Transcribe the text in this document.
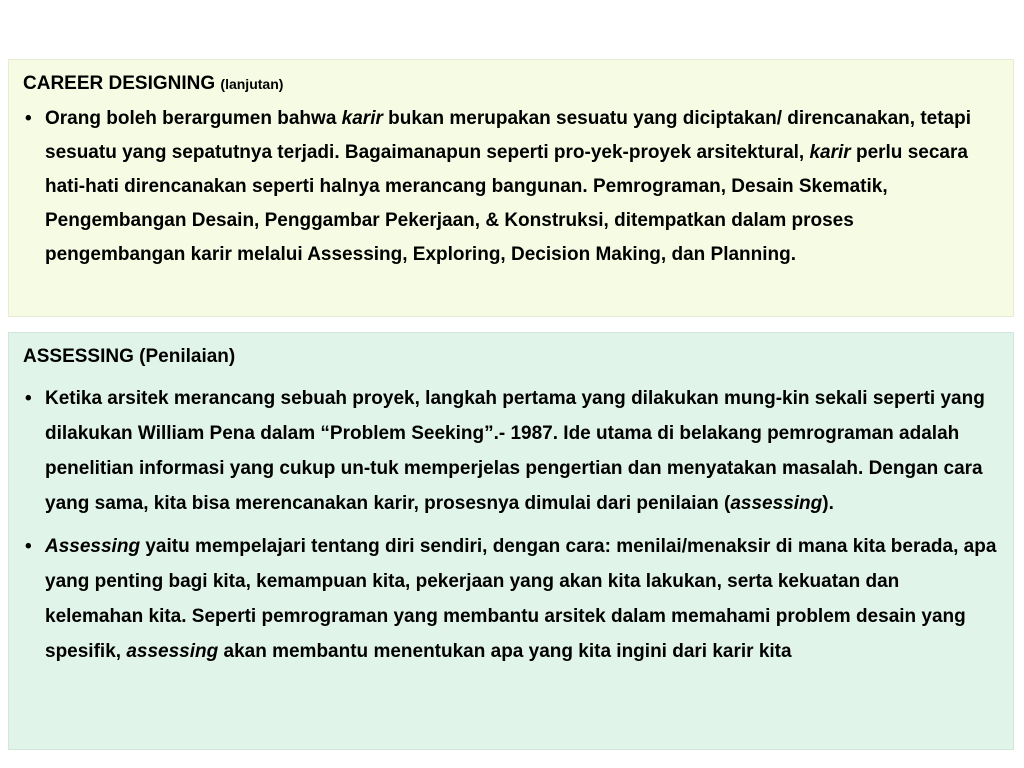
CAREER DESIGNING (lanjutan)
• Orang boleh berargumen bahwa karir bukan merupakan sesuatu yang diciptakan/ direncanakan, tetapi sesuatu yang sepatutnya terjadi. Bagaimanapun seperti pro-yek-proyek arsitektural, karir perlu secara hati-hati direncanakan seperti halnya merancang bangunan. Pemrograman, Desain Skematik, Pengembangan Desain, Penggambar Pekerjaan, & Konstruksi, ditempatkan dalam proses pengembangan karir melalui Assessing, Exploring, Decision Making, dan Planning.
ASSESSING (Penilaian)
• Ketika arsitek merancang sebuah proyek, langkah pertama yang dilakukan mung-kin sekali seperti yang dilakukan William Pena dalam “Problem Seeking”.- 1987. Ide utama di belakang pemrograman adalah penelitian informasi yang cukup un-tuk memperjelas pengertian dan menyatakan masalah. Dengan cara yang sama, kita bisa merencanakan karir, prosesnya dimulai dari penilaian (assessing).
• Assessing yaitu mempelajari tentang diri sendiri, dengan cara: menilai/menaksir di mana kita berada, apa yang penting bagi kita, kemampuan kita, pekerjaan yang akan kita lakukan, serta kekuatan dan kelemahan kita. Seperti pemrograman yang membantu arsitek dalam memahami problem desain yang spesifik, assessing akan membantu menentukan apa yang kita ingini dari karir kita
